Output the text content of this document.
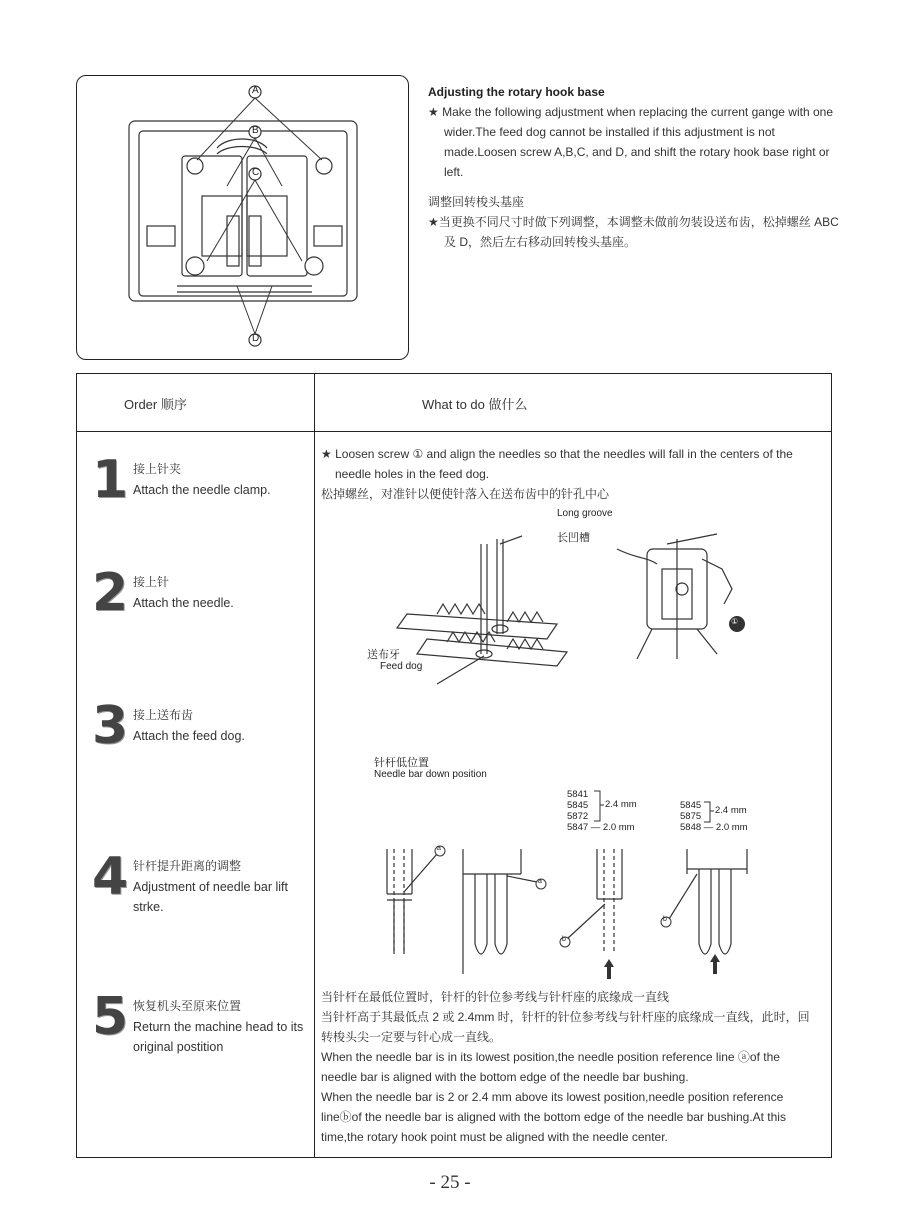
A
B
C
D

Adjusting the rotary hook base

★ Make the following adjustment when replacing the current gange with one wider.The feed dog cannot be installed if this adjustment is not made.Loosen screw A,B,C, and D, and shift the rotary hook base right or left.

调整回转梭头基座

★当更换不同尺寸时做下列调整，本调整未做前勿装设送布齿，松掉螺丝 ABC 及 D，然后左右移动回转梭头基座。

Order 顺序	What to do 做什么
1 接上针夹
Attach the needle clamp.
2 接上针
Attach the needle.
3 接上送布齿
Attach the feed dog.
4 针杆提升距离的调整
Adjustment of needle bar lift strke.
5 恢复机头至原来位置
Return the machine head to its original postition
★ Loosen screw ① and align the needles so that the needles will fall in the centers of the needle holes in the feed dog.
松掉螺丝，对准针以便使针落入在送布齿中的针孔中心
Long groove
长凹槽
送布牙
Feed dog
①
针杆低位置
Needle bar down position
5841
5845
5872
5847 — 2.0 mm
2.4 mm	5845
5875
5848 — 2.0 mm
2.4 mm
a
a
b
b

当针杆在最低位置时，针杆的针位参考线与针杆座的底缘成一直线

当针杆高于其最低点 2 或 2.4mm 时，针杆的针位参考线与针杆座的底缘成一直线，此时，回转梭头尖一定要与针心成一直线。

When the needle bar is in its lowest position,the needle position reference line ⓐof the needle bar is aligned with the bottom edge of the needle bar bushing.

When the needle bar is 2 or 2.4 mm above its lowest position,needle position reference lineⓑof the needle bar is aligned with the bottom edge of the needle bar bushing.At this time,the rotary hook point must be aligned with the needle center.

- 25 -
